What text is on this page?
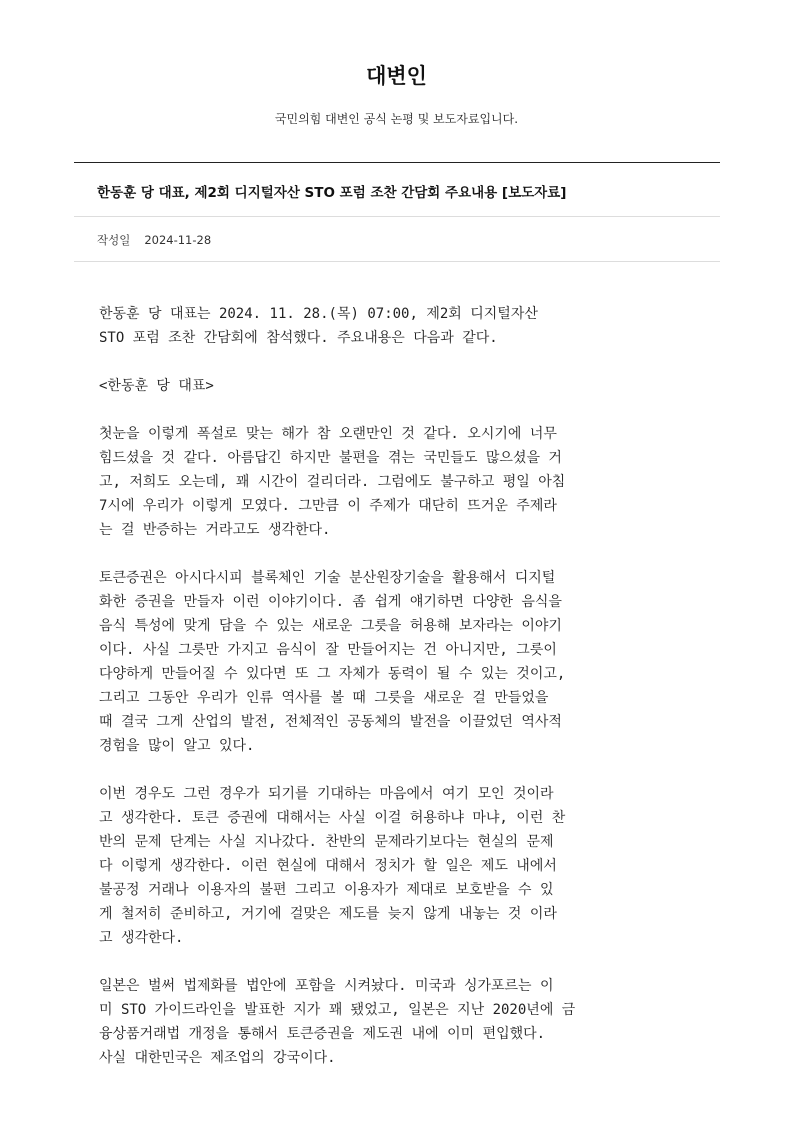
대변인
국민의힘 대변인 공식 논평 및 보도자료입니다.
한동훈 당 대표, 제2회 디지털자산 STO 포럼 조찬 간담회 주요내용 [보도자료]
작성일 2024-11-28

한동훈 당 대표는 2024. 11. 28.(목) 07:00, 제2회 디지털자산
STO 포럼 조찬 간담회에 참석했다. 주요내용은 다음과 같다.

<한동훈 당 대표>

첫눈을 이렇게 폭설로 맞는 해가 참 오랜만인 것 같다. 오시기에 너무
힘드셨을 것 같다. 아름답긴 하지만 불편을 겪는 국민들도 많으셨을 거
고, 저희도 오는데, 꽤 시간이 걸리더라. 그럼에도 불구하고 평일 아침
7시에 우리가 이렇게 모였다. 그만큼 이 주제가 대단히 뜨거운 주제라
는 걸 반증하는 거라고도 생각한다.

토큰증권은 아시다시피 블록체인 기술 분산원장기술을 활용해서 디지털
화한 증권을 만들자 이런 이야기이다. 좀 쉽게 얘기하면 다양한 음식을
음식 특성에 맞게 담을 수 있는 새로운 그릇을 허용해 보자라는 이야기
이다. 사실 그릇만 가지고 음식이 잘 만들어지는 건 아니지만, 그릇이
다양하게 만들어질 수 있다면 또 그 자체가 동력이 될 수 있는 것이고,
그리고 그동안 우리가 인류 역사를 볼 때 그릇을 새로운 걸 만들었을
때 결국 그게 산업의 발전, 전체적인 공동체의 발전을 이끌었던 역사적
경험을 많이 알고 있다.

이번 경우도 그런 경우가 되기를 기대하는 마음에서 여기 모인 것이라
고 생각한다. 토큰 증권에 대해서는 사실 이걸 허용하냐 마냐, 이런 찬
반의 문제 단계는 사실 지나갔다. 찬반의 문제라기보다는 현실의 문제
다 이렇게 생각한다. 이런 현실에 대해서 정치가 할 일은 제도 내에서
불공정 거래나 이용자의 불편 그리고 이용자가 제대로 보호받을 수 있
게 철저히 준비하고, 거기에 걸맞은 제도를 늦지 않게 내놓는 것 이라
고 생각한다.

일본은 벌써 법제화를 법안에 포함을 시켜놨다. 미국과 싱가포르는 이
미 STO 가이드라인을 발표한 지가 꽤 됐었고, 일본은 지난 2020년에 금
융상품거래법 개정을 통해서 토큰증권을 제도권 내에 이미 편입했다.
사실 대한민국은 제조업의 강국이다.
